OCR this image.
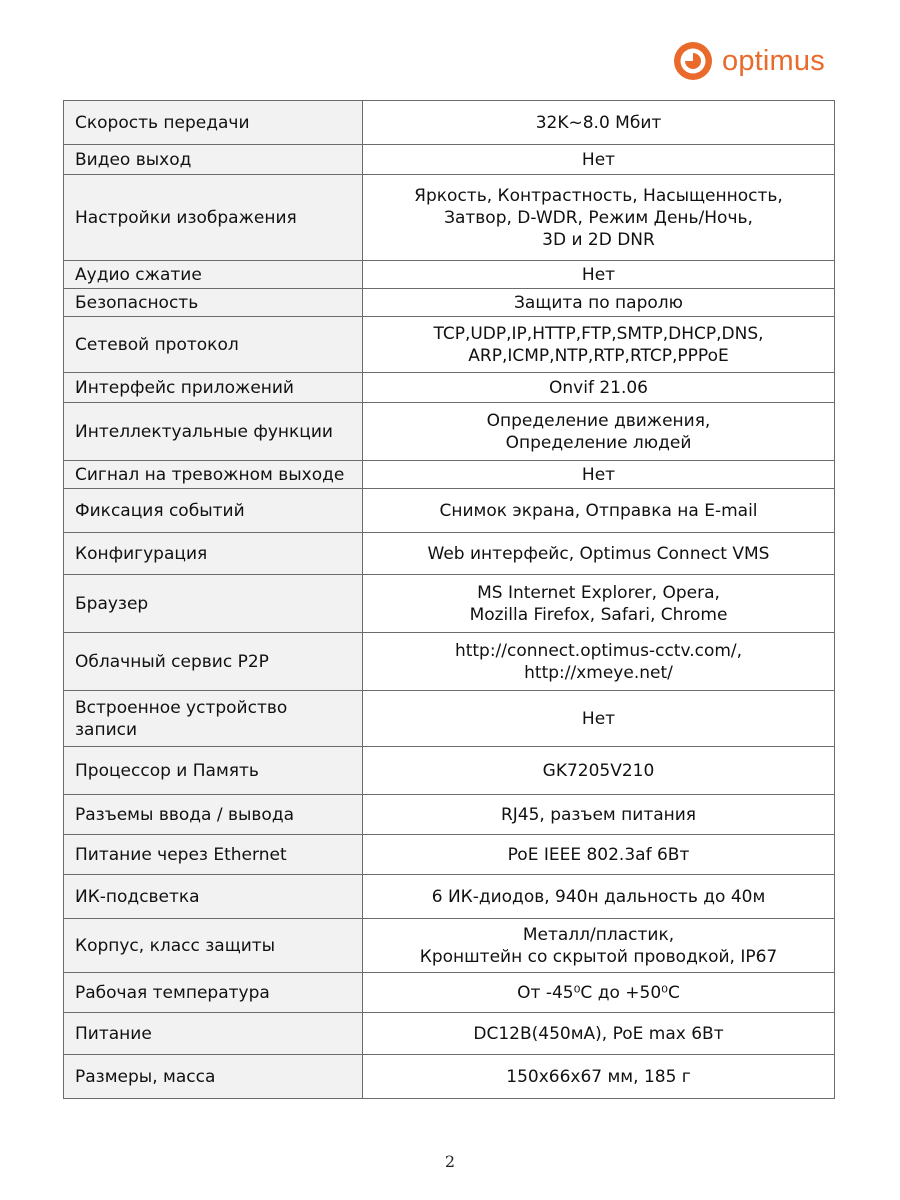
optimus
Скорость передачи	32K~8.0 Мбит

Видео выход	Нет

Настройки изображения	Яркость, Контрастность, Насыщенность,
Затвор, D-WDR, Режим День/Ночь,
3D и 2D DNR

Аудио сжатие	Нет

Безопасность	Защита по паролю

Сетевой протокол	TCP,UDP,IP,HTTP,FTP,SMTP,DHCP,DNS,
ARP,ICMP,NTP,RTP,RTCP,PPPoE

Интерфейс приложений	Onvif 21.06

Интеллектуальные функции	Определение движения,
Определение людей

Сигнал на тревожном выходе	Нет

Фиксация событий	Снимок экрана, Отправка на E-mail

Конфигурация	Web интерфейс, Optimus Connect VMS

Браузер	MS Internet Explorer, Opera,
Mozilla Firefox, Safari, Chrome

Облачный сервис P2P	http://connect.optimus-cctv.com/,
http://xmeye.net/

Встроенное устройство записи	Нет

Процессор и Память	GK7205V210

Разъемы ввода / вывода	RJ45, разъем питания

Питание через Ethernet	PoE IEEE 802.3af 6Вт

ИК-подсветка	6 ИК-диодов, 940н дальность до 40м

Корпус, класс защиты	Металл/пластик,
Кронштейн со скрытой проводкой, IP67

Рабочая температура	От -45⁰С до +50⁰С

Питание	DC12В(450мА), PoE max 6Вт

Размеры, масса	150х66х67 мм, 185 г
2
